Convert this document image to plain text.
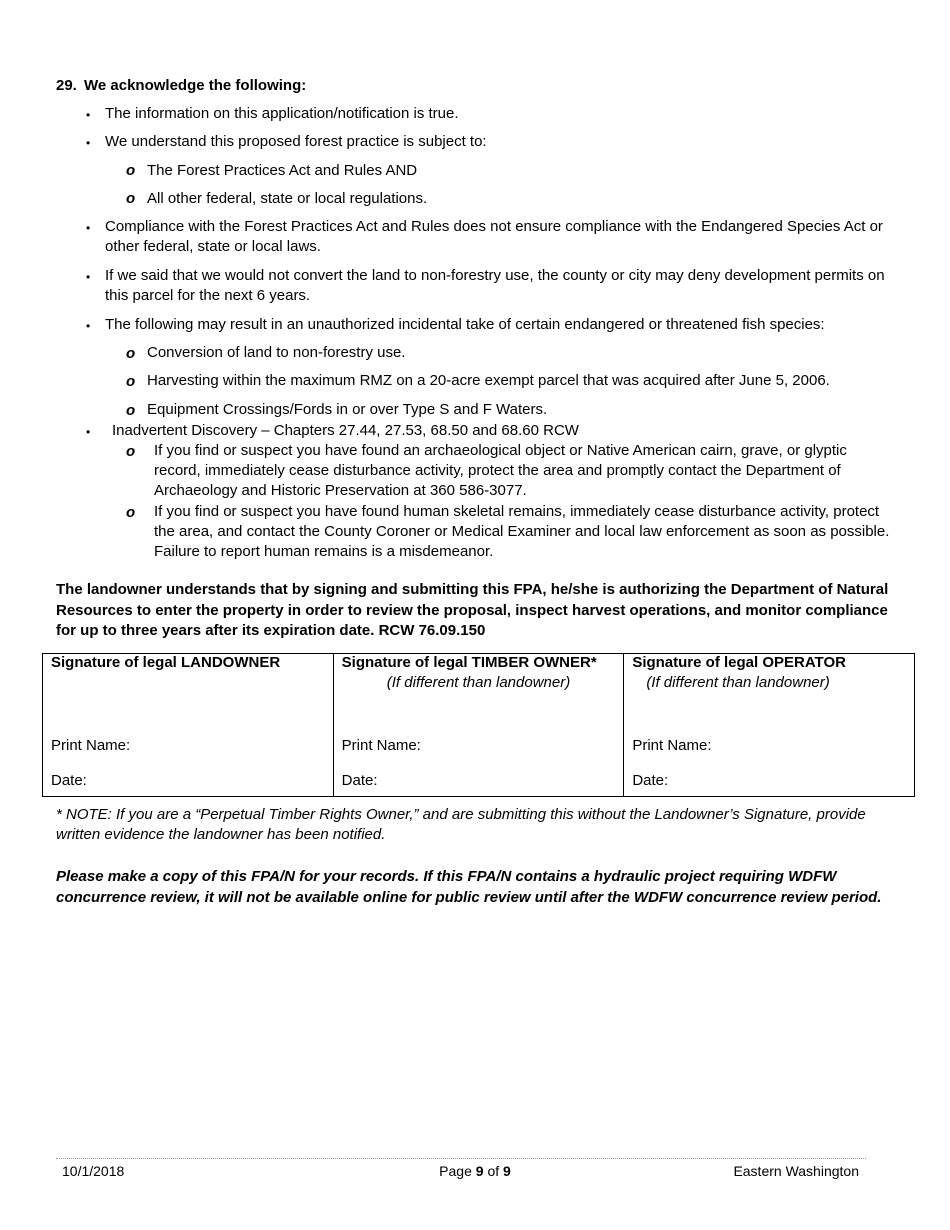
29. We acknowledge the following:
• The information on this application/notification is true.
• We understand this proposed forest practice is subject to:
o The Forest Practices Act and Rules AND
o All other federal, state or local regulations.
• Compliance with the Forest Practices Act and Rules does not ensure compliance with the Endangered Species Act or other federal, state or local laws.
• If we said that we would not convert the land to non-forestry use, the county or city may deny development permits on this parcel for the next 6 years.
• The following may result in an unauthorized incidental take of certain endangered or threatened fish species:
o Conversion of land to non-forestry use.
o Harvesting within the maximum RMZ on a 20-acre exempt parcel that was acquired after June 5, 2006.
o Equipment Crossings/Fords in or over Type S and F Waters.
• Inadvertent Discovery – Chapters 27.44, 27.53, 68.50 and 68.60 RCW
o If you find or suspect you have found an archaeological object or Native American cairn, grave, or glyptic record, immediately cease disturbance activity, protect the area and promptly contact the Department of Archaeology and Historic Preservation at 360 586-3077.
o If you find or suspect you have found human skeletal remains, immediately cease disturbance activity, protect the area, and contact the County Coroner or Medical Examiner and local law enforcement as soon as possible. Failure to report human remains is a misdemeanor.
The landowner understands that by signing and submitting this FPA, he/she is authorizing the Department of Natural Resources to enter the property in order to review the proposal, inspect harvest operations, and monitor compliance for up to three years after its expiration date. RCW 76.09.150
Signature of legal LANDOWNER
Print Name:
Date:

Signature of legal TIMBER OWNER*
(If different than landowner)
Print Name:
Date:

Signature of legal OPERATOR
(If different than landowner)
Print Name:
Date:
* NOTE: If you are a “Perpetual Timber Rights Owner,” and are submitting this without the Landowner’s Signature, provide written evidence the landowner has been notified.
Please make a copy of this FPA/N for your records. If this FPA/N contains a hydraulic project requiring WDFW concurrence review, it will not be available online for public review until after the WDFW concurrence review period.
10/1/2018	Page 9 of 9	Eastern Washington
